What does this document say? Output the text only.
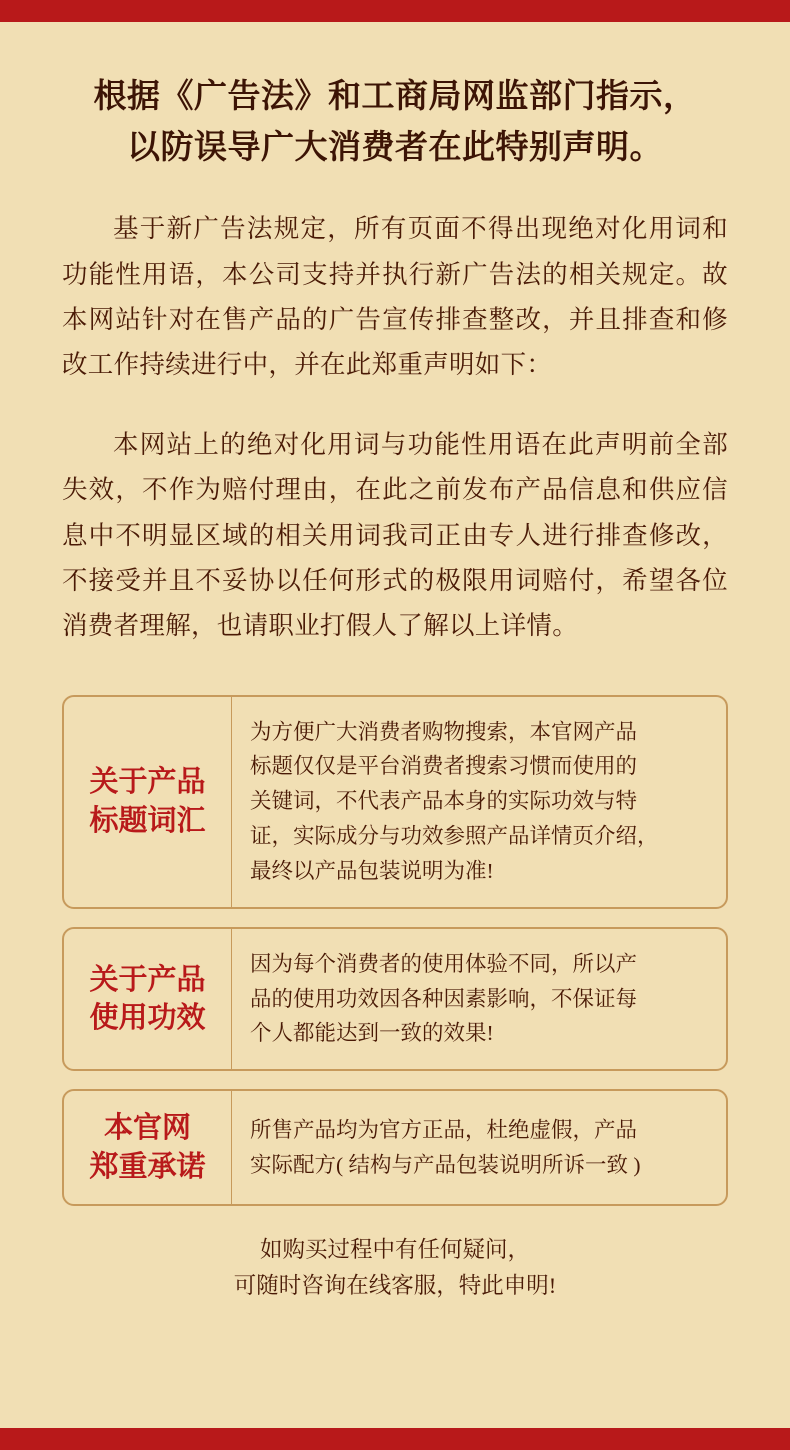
根据《广告法》和工商局网监部门指示，
以防误导广大消费者在此特别声明。

基于新广告法规定，所有页面不得出现绝对化用词和功能性用语，本公司支持并执行新广告法的相关规定。故本网站针对在售产品的广告宣传排查整改，并且排查和修改工作持续进行中，并在此郑重声明如下：

本网站上的绝对化用词与功能性用语在此声明前全部失效，不作为赔付理由，在此之前发布产品信息和供应信息中不明显区域的相关用词我司正由专人进行排查修改，不接受并且不妥协以任何形式的极限用词赔付，希望各位消费者理解，也请职业打假人了解以上详情。

关于产品
标题词汇
为方便广大消费者购物搜索，本官网产品
标题仅仅是平台消费者搜索习惯而使用的
关键词，不代表产品本身的实际功效与特
证，实际成分与功效参照产品详情页介绍，
最终以产品包装说明为准!
关于产品
使用功效
因为每个消费者的使用体验不同，所以产
品的使用功效因各种因素影响，不保证每
个人都能达到一致的效果!
本官网
郑重承诺
所售产品均为官方正品，杜绝虚假，产品
实际配方( 结构与产品包装说明所诉一致 )
如购买过程中有任何疑问，
可随时咨询在线客服，特此申明!
